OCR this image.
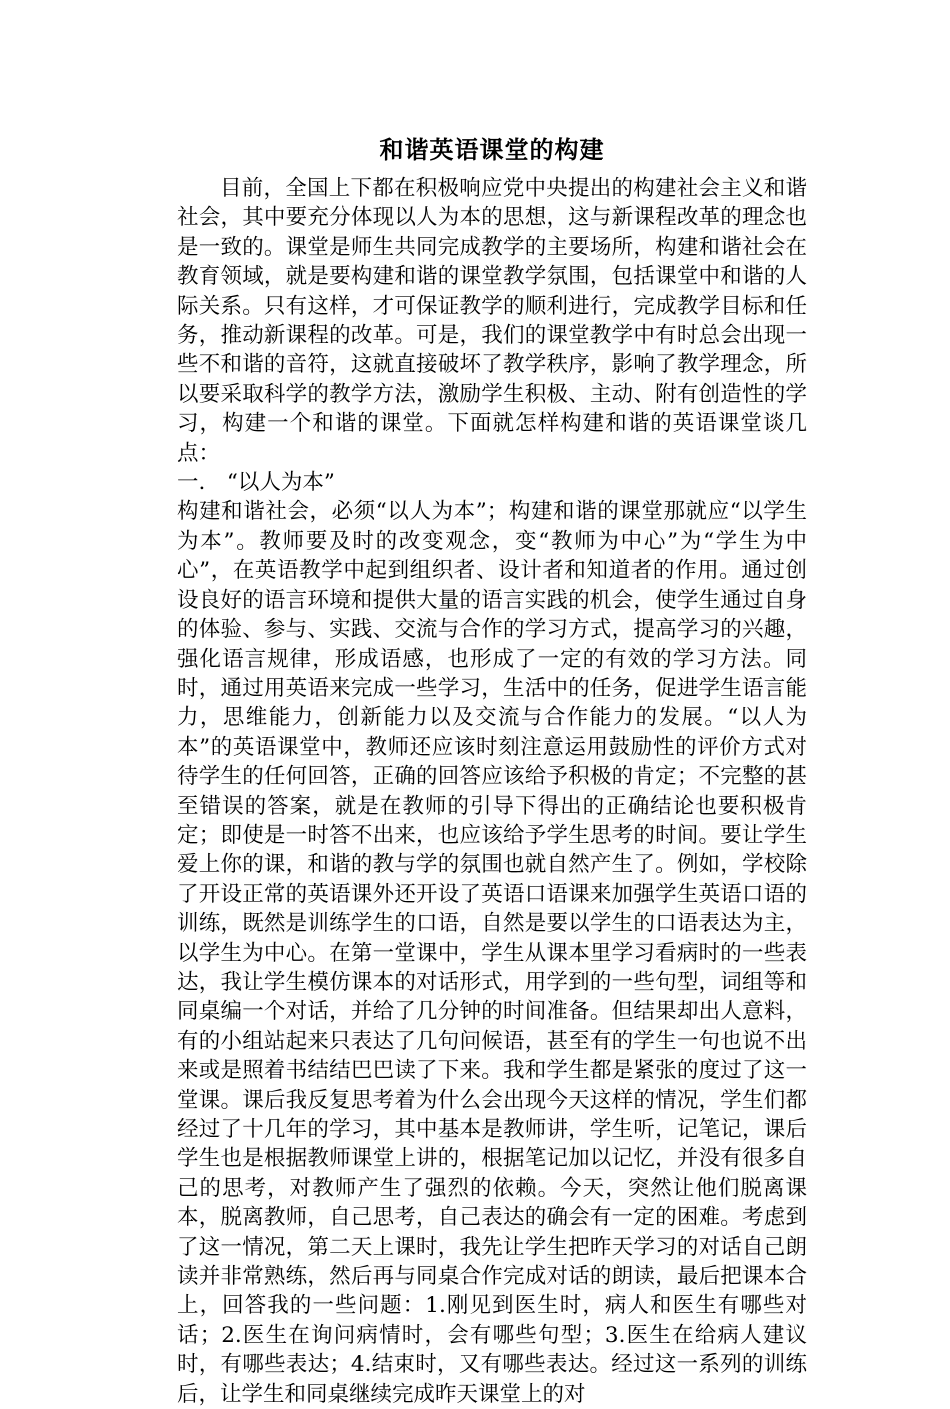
和谐英语课堂的构建

目前，全国上下都在积极响应党中央提出的构建社会主义和谐社会，其中要充分体现以人为本的思想，这与新课程改革的理念也是一致的。课堂是师生共同完成教学的主要场所，构建和谐社会在教育领域，就是要构建和谐的课堂教学氛围，包括课堂中和谐的人际关系。只有这样，才可保证教学的顺利进行，完成教学目标和任务，推动新课程的改革。可是，我们的课堂教学中有时总会出现一些不和谐的音符，这就直接破坏了教学秩序，影响了教学理念，所以要采取科学的教学方法，激励学生积极、主动、附有创造性的学习，构建一个和谐的课堂。下面就怎样构建和谐的英语课堂谈几点：

一.　“以人为本”

构建和谐社会，必须“以人为本”；构建和谐的课堂那就应“以学生为本”。教师要及时的改变观念，变“教师为中心”为“学生为中心”，在英语教学中起到组织者、设计者和知道者的作用。通过创设良好的语言环境和提供大量的语言实践的机会，使学生通过自身的体验、参与、实践、交流与合作的学习方式，提高学习的兴趣，强化语言规律，形成语感，也形成了一定的有效的学习方法。同时，通过用英语来完成一些学习，生活中的任务，促进学生语言能力，思维能力，创新能力以及交流与合作能力的发展。“以人为本”的英语课堂中，教师还应该时刻注意运用鼓励性的评价方式对待学生的任何回答，正确的回答应该给予积极的肯定；不完整的甚至错误的答案，就是在教师的引导下得出的正确结论也要积极肯定；即使是一时答不出来，也应该给予学生思考的时间。要让学生爱上你的课，和谐的教与学的氛围也就自然产生了。例如，学校除了开设正常的英语课外还开设了英语口语课来加强学生英语口语的训练，既然是训练学生的口语，自然是要以学生的口语表达为主，以学生为中心。在第一堂课中，学生从课本里学习看病时的一些表达，我让学生模仿课本的对话形式，用学到的一些句型，词组等和同桌编一个对话，并给了几分钟的时间准备。但结果却出人意料，有的小组站起来只表达了几句问候语，甚至有的学生一句也说不出来或是照着书结结巴巴读了下来。我和学生都是紧张的度过了这一堂课。课后我反复思考着为什么会出现今天这样的情况，学生们都经过了十几年的学习，其中基本是教师讲，学生听，记笔记，课后学生也是根据教师课堂上讲的，根据笔记加以记忆，并没有很多自己的思考，对教师产生了强烈的依赖。今天，突然让他们脱离课本，脱离教师，自己思考，自己表达的确会有一定的困难。考虑到了这一情况，第二天上课时，我先让学生把昨天学习的对话自己朗读并非常熟练，然后再与同桌合作完成对话的朗读，最后把课本合上，回答我的一些问题：1.刚见到医生时，病人和医生有哪些对话；2.医生在询问病情时，会有哪些句型；3.医生在给病人建议时，有哪些表达；4.结束时，又有哪些表达。经过这一系列的训练后，让学生和同桌继续完成昨天课堂上的对
